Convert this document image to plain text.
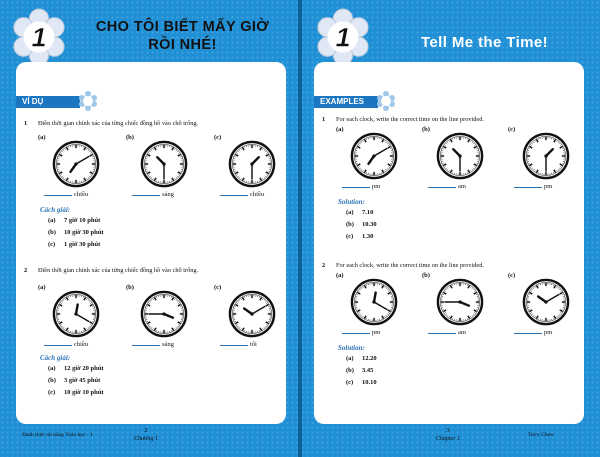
1	CHO TÔI BIẾT MẤY GIỜ
RỒI NHÉ!
VÍ DỤ
1 Điền thời gian chính xác của từng chiếc đồng hồ vào chỗ trống.
(a)
chiều
(b)
sáng
(c)
chiều
Cách giải:
(a) 7 giờ 10 phút
(b) 10 giờ 30 phút
(c) 1 giờ 30 phút
2 Điền thời gian chính xác của từng chiếc đồng hồ vào chỗ trống.
(a)
chiều
(b)
sáng
(c)
tối
Cách giải:
(a) 12 giờ 20 phút
(b) 3 giờ 45 phút
(c) 10 giờ 10 phút
Đánh thức tài năng Toán học - 1
2
Chương 1
1	Tell Me the Time!
EXAMPLES
1 For each clock, write the correct time on the line provided.
(a)
pm
(b)
am
(c)
pm
Solution:
(a) 7.10
(b) 10.30
(c) 1.30
2 For each clock, write the correct time on the line provided.
(a)
pm
(b)
am
(c)
pm
Solution:
(a) 12.20
(b) 3.45
(c) 10.10
3
Chapter 1
Terry Chew
